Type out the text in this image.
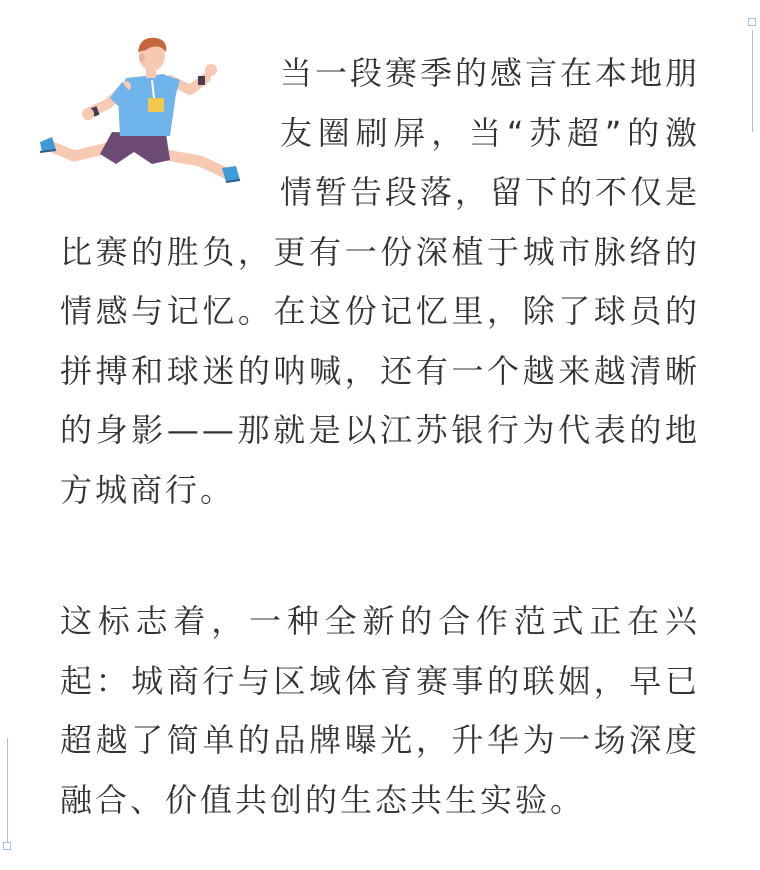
当一段赛季的感言在本地朋友圈刷屏，当“苏超”的激情暂告段落，留下的不仅是比赛的胜负，更有一份深植于城市脉络的情感与记忆。在这份记忆里，除了球员的拼搏和球迷的呐喊，还有一个越来越清晰的身影——那就是以江苏银行为代表的地方城商行。

这标志着，一种全新的合作范式正在兴起：城商行与区域体育赛事的联姻，早已超越了简单的品牌曝光，升华为一场深度融合、价值共创的生态共生实验。
